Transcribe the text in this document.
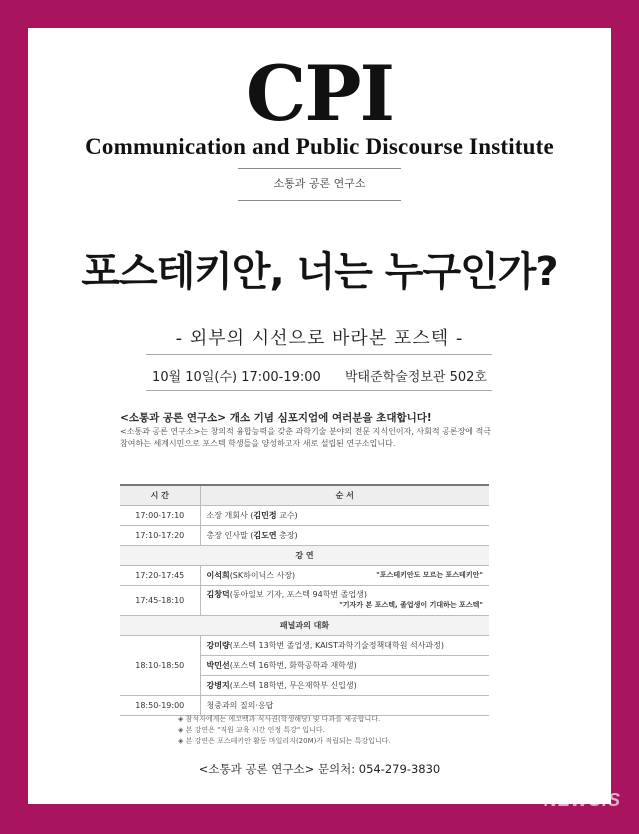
CPI
Communication and Public Discourse Institute
소통과 공론 연구소
포스테키안, 너는 누구인가?
- 외부의 시선으로 바라본 포스텍 -
10월 10일(수) 17:00-19:00 박태준학술정보관 502호
<소통과 공론 연구소> 개소 기념 심포지엄에 여러분을 초대합니다!
<소통과 공론 연구소>는 창의적 융합능력을 갖춘 과학기술 분야의 전문 지식인이자, 사회적 공론장에 적극 참여하는 세계시민으로 포스텍 학생들을 양성하고자 새로 설립된 연구소입니다.
시 간	순 서
17:00-17:10	소장 개회사 (김민정 교수)
17:10-17:20	총장 인사말 (김도연 총장)
강 연	
17:20-17:45	이석희(SK하이닉스 사장) "포스테키안도 모르는 포스테키안"

17:45-18:10	김창덕(동아일보 기자, 포스텍 94학번 졸업생)

"기자가 본 포스텍, 졸업생이 기대하는 포스텍"

패널과의 대화	
18:10-18:50	강미량(포스텍 13학번 졸업생, KAIST과학기술정책대학원 석사과정)
	박민선(포스텍 16학번, 화학공학과 재학생)
	강병지(포스텍 18학번, 무은재학부 신입생)
18:50-19:00	청중과의 질의·응답
◈ 참석자에게는 에코백과 식사권(학생해당) 및 다과를 제공합니다.
◈ 본 강연은 "직원 교육 시간 인정 특강" 입니다.
◈ 본 강연은 포스테키안 활동 마일리지(20M)가 적립되는 특강입니다.
<소통과 공론 연구소> 문의처: 054-279-3830
NEWSIS
